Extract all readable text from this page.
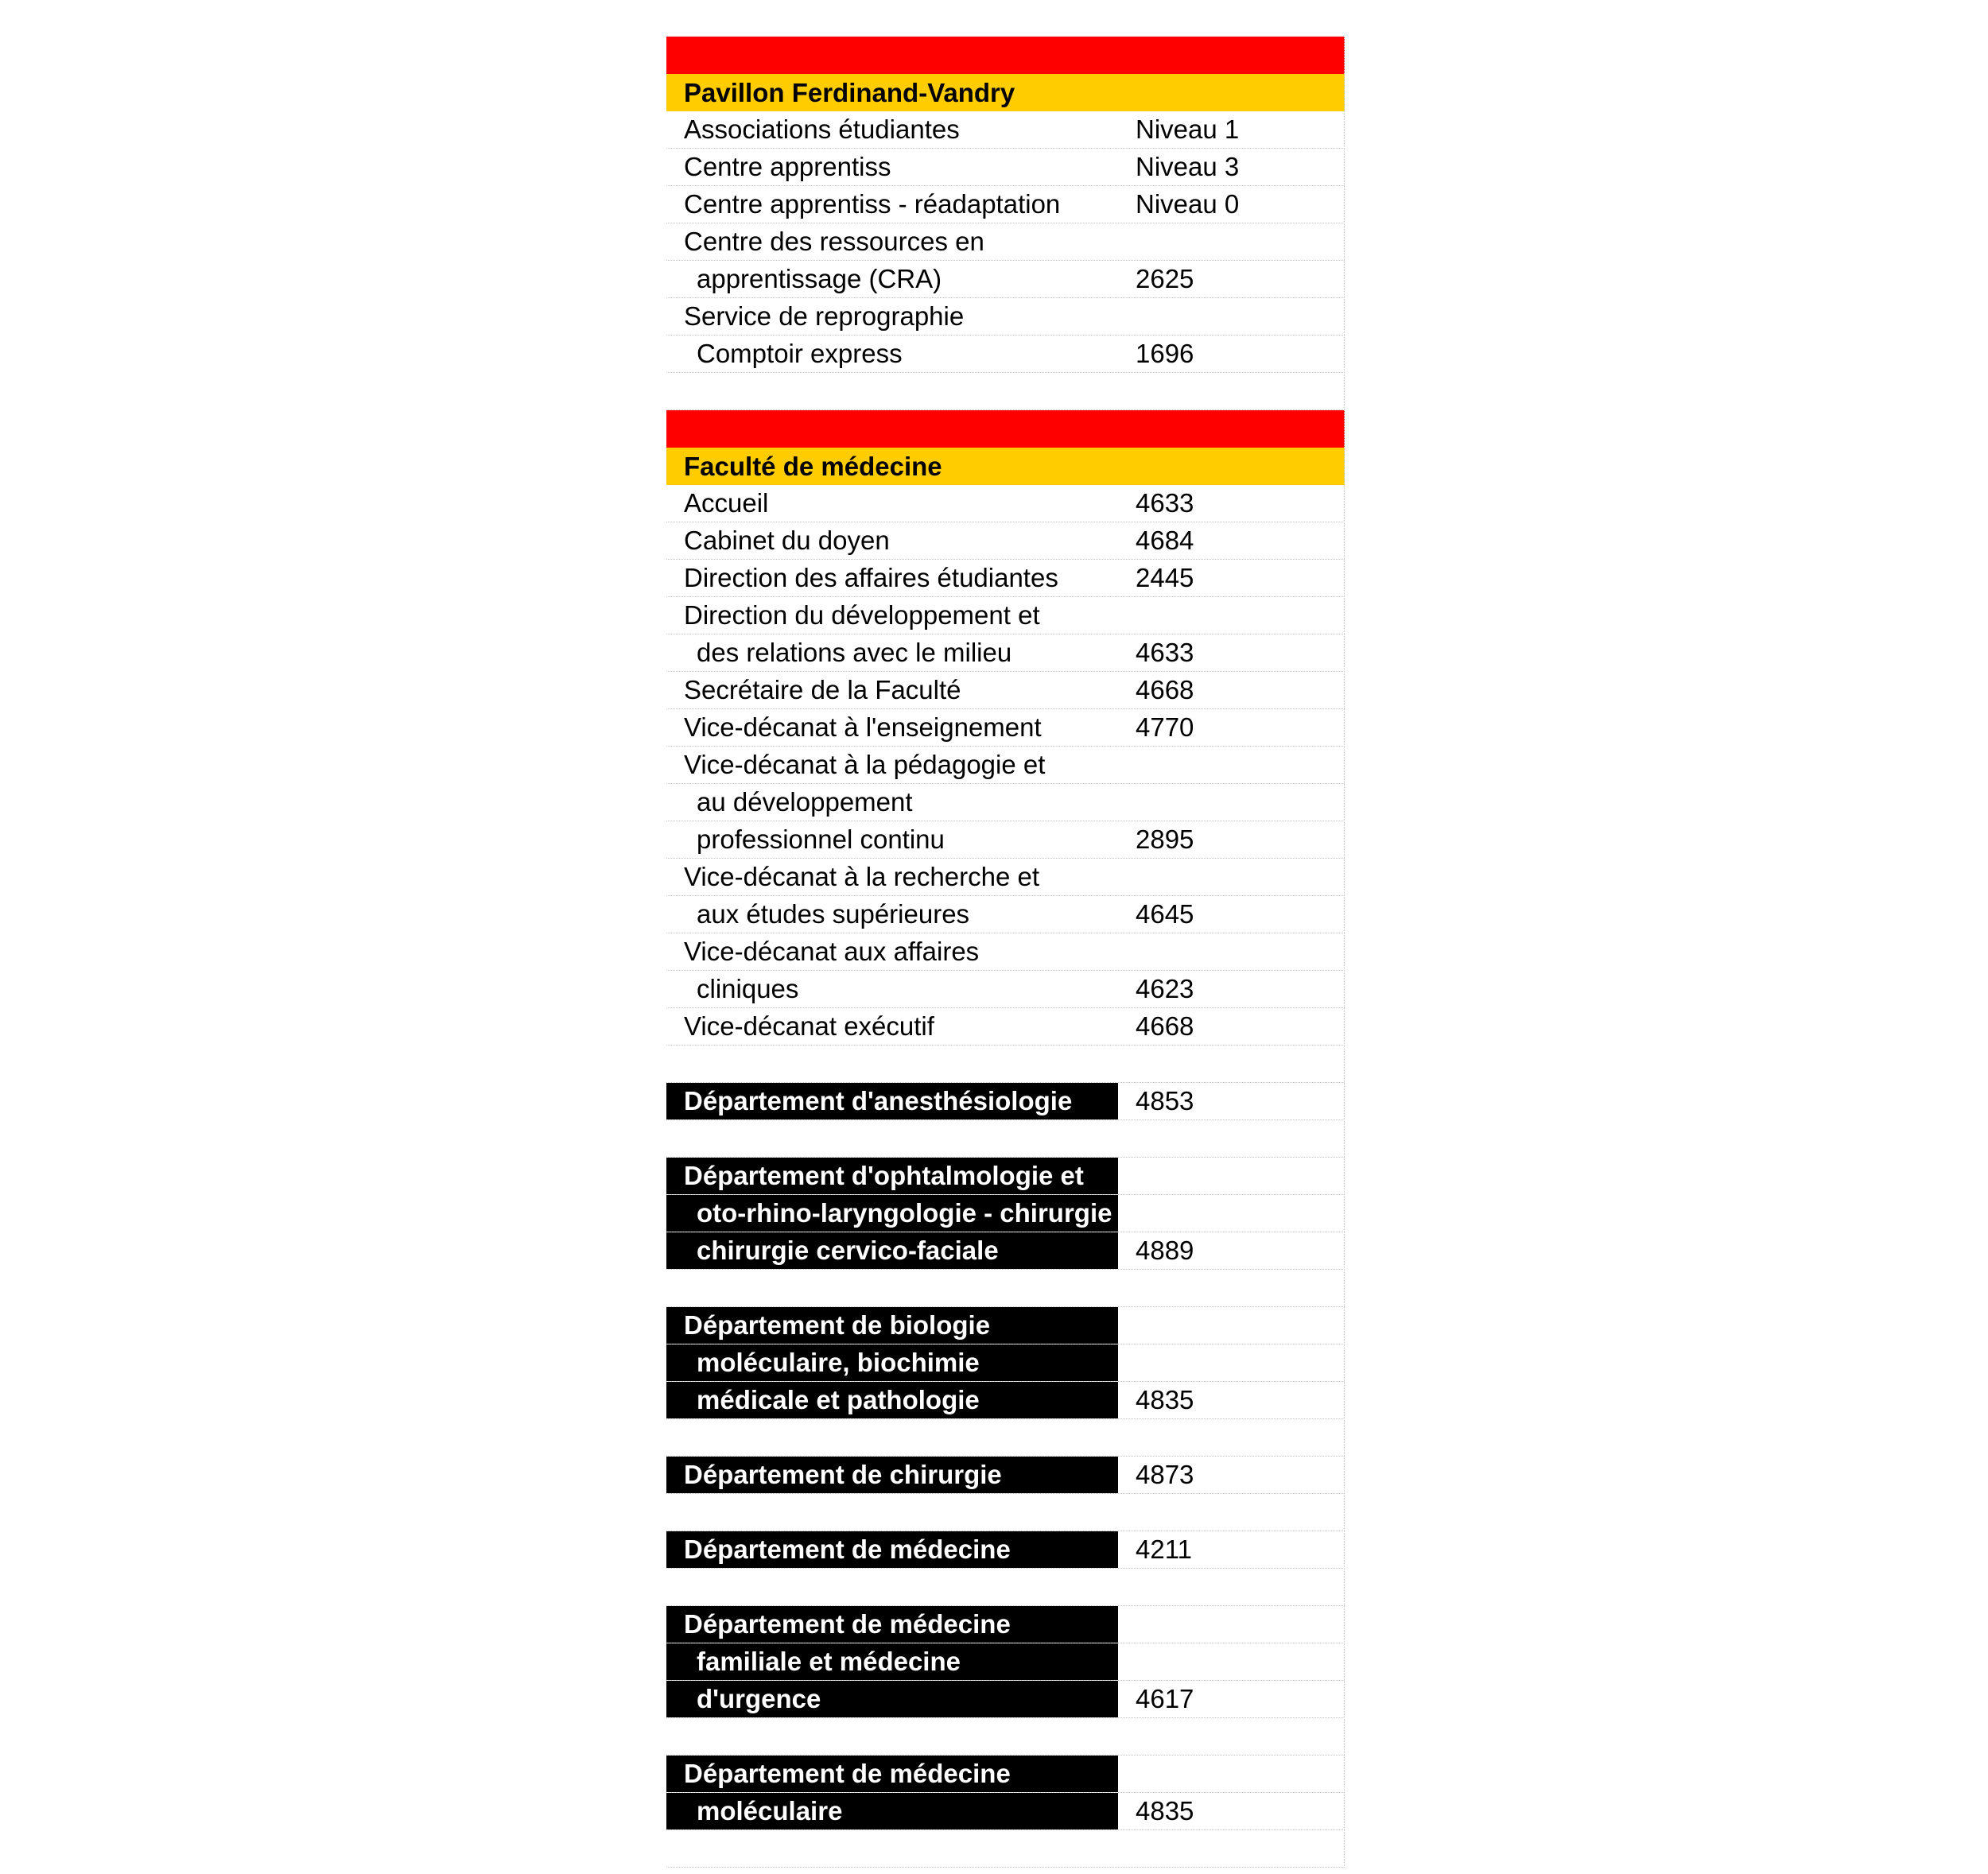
Pavillon Ferdinand-Vandry
Associations étudiantes	Niveau 1
Centre apprentiss	Niveau 3
Centre apprentiss - réadaptation	Niveau 0
Centre des ressources en
apprentissage (CRA)	2625
Service de reprographie
Comptoir express	1696
Faculté de médecine
Accueil	4633
Cabinet du doyen	4684
Direction des affaires étudiantes	2445
Direction du développement et
des relations avec le milieu	4633
Secrétaire de la Faculté	4668
Vice-décanat à l'enseignement	4770
Vice-décanat à la pédagogie et
au développement
professionnel continu	2895
Vice-décanat à la recherche et
aux études supérieures	4645
Vice-décanat aux affaires
cliniques	4623
Vice-décanat exécutif	4668
Département d'anesthésiologie	4853
Département d'ophtalmologie et
oto-rhino-laryngologie - chirurgie
chirurgie cervico-faciale	4889
Département de biologie
moléculaire, biochimie
médicale et pathologie	4835
Département de chirurgie	4873
Département de médecine	4211
Département de médecine
familiale et médecine
d'urgence	4617
Département de médecine
moléculaire	4835
